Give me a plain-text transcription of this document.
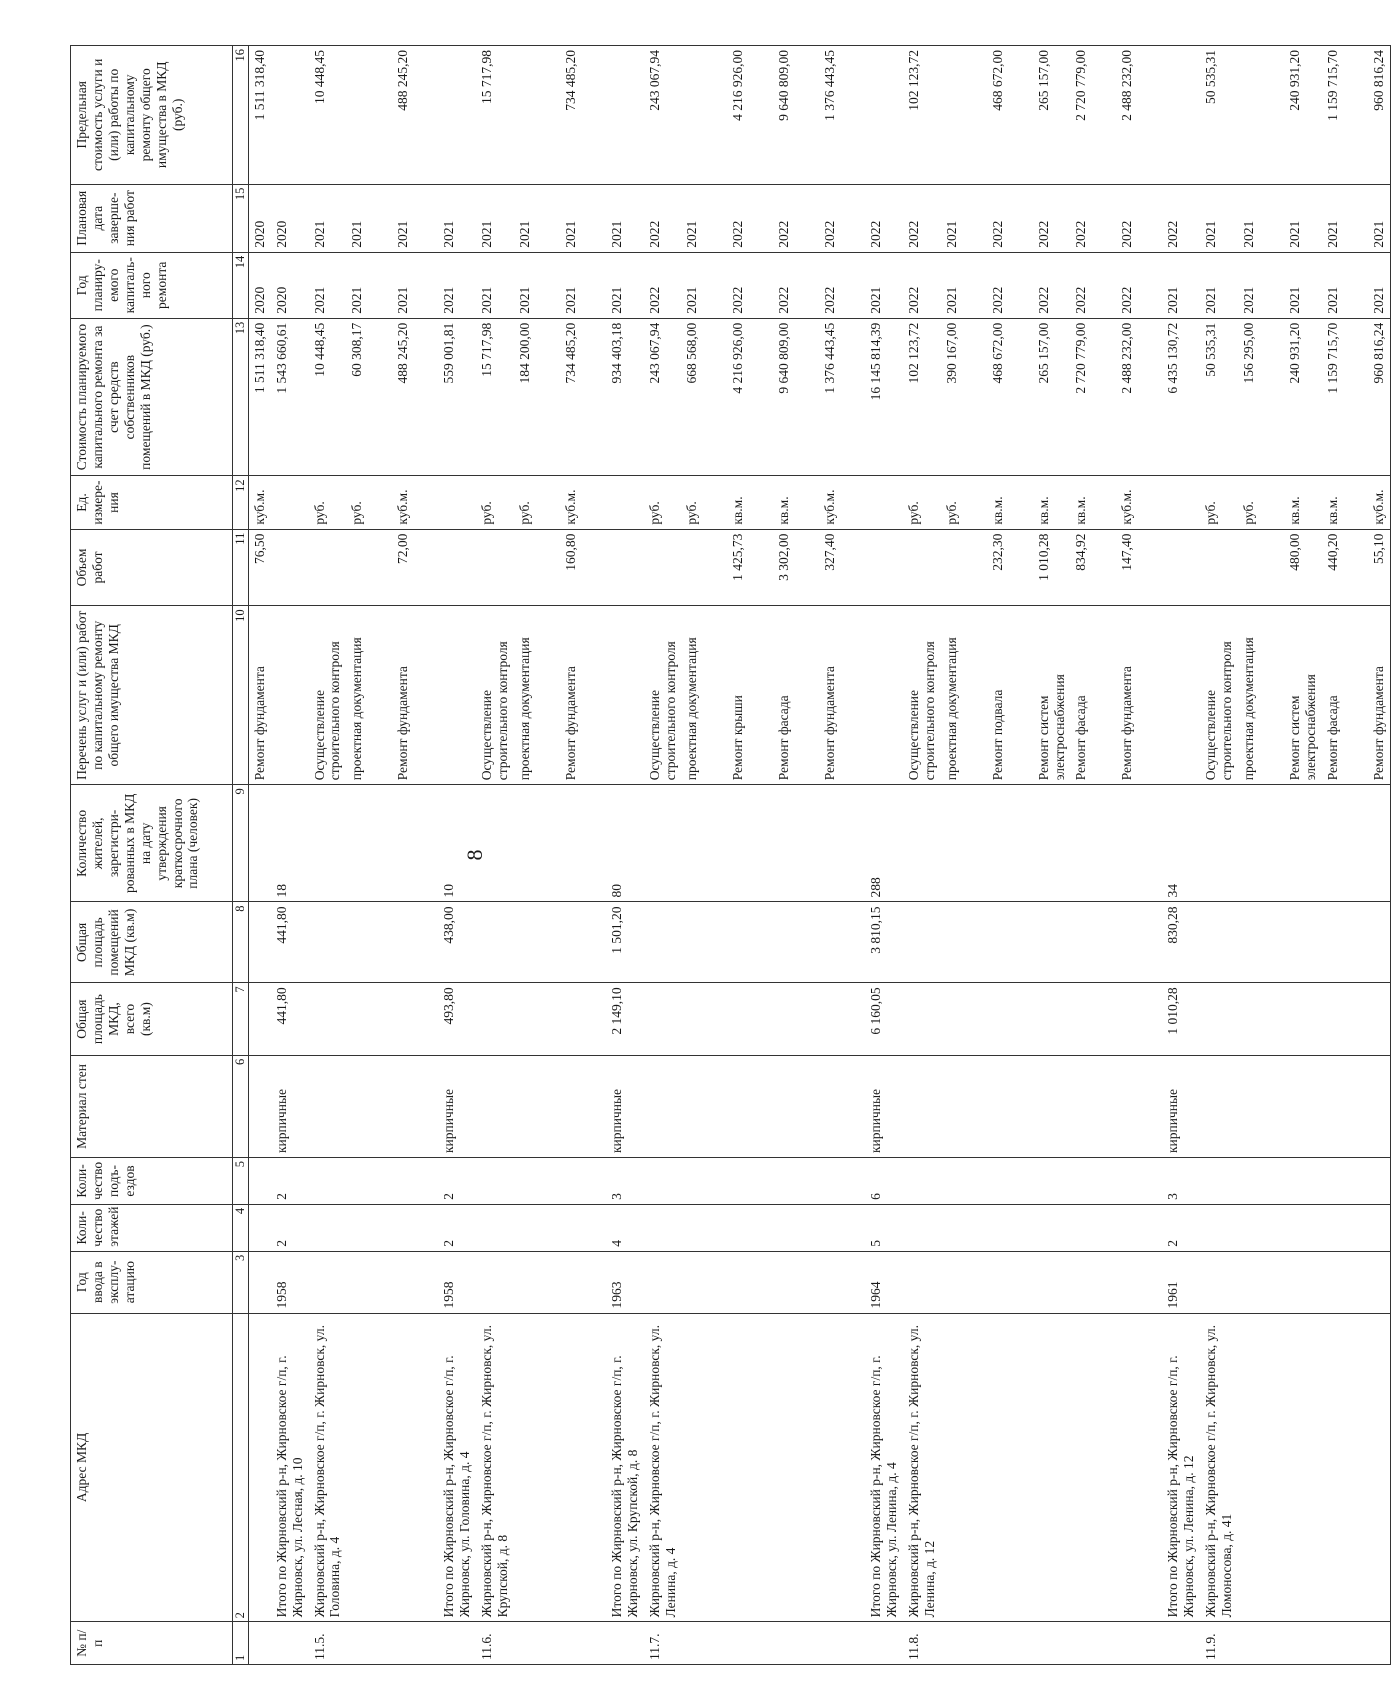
8
№ п/п	Адрес МКД	Год ввода в эксплу-атацию	Коли-чество этажей	Коли-чество подъ-ездов	Материал стен	Общая площадь МКД, всего (кв.м)	Общая площадь помещений МКД (кв.м)	Количество жителей, зарегистри-рованных в МКД на дату утверждения краткосрочного плана (человек)	Перечень услуг и (или) работ по капитальному ремонту общего имущества МКД	Объем работ	Ед. измере-ния	Стоимость планируемого капитального ремонта за счет средств собственников помещений в МКД (руб.)	Год планиру-емого капиталь-ного ремонта	Плановая дата заверше-ния работ	Предельная стоимость услуги и (или) работы по капитальному ремонту общего имущества в МКД (руб.)
1	2	3	4	5	6	7	8	9	10	11	12	13	14	15	16
									Ремонт фундамента	76,50	куб.м.	1 511 318,40	2020	2020	1 511 318,40
	Итого по Жирновский р-н, Жирновское г/п, г. Жирновск, ул. Лесная, д. 10	1958	2	2	кирпичные	441,80	441,80	18				1 543 660,61	2020	2020	
11.5.	Жирновский р-н, Жирновское г/п, г. Жирновск, ул. Головина, д. 4								Осуществление строительного контроля		руб.	10 448,45	2021	2021	10 448,45
									проектная документация		руб.	60 308,17	2021	2021	

									Ремонт фундамента	72,00	куб.м.	488 245,20	2021	2021	488 245,20

	Итого по Жирновский р-н, Жирновское г/п, г. Жирновск, ул. Головина, д. 4	1958	2	2	кирпичные	493,80	438,00	10				559 001,81	2021	2021	
11.6.	Жирновский р-н, Жирновское г/п, г. Жирновск, ул. Крупской, д. 8								Осуществление строительного контроля		руб.	15 717,98	2021	2021	15 717,98
									проектная документация		руб.	184 200,00	2021	2021	

									Ремонт фундамента	160,80	куб.м.	734 485,20	2021	2021	734 485,20

	Итого по Жирновский р-н, Жирновское г/п, г. Жирновск, ул. Крупской, д. 8	1963	4	3	кирпичные	2 149,10	1 501,20	80				934 403,18	2021	2021	
11.7.	Жирновский р-н, Жирновское г/п, г. Жирновск, ул. Ленина, д. 4								Осуществление строительного контроля		руб.	243 067,94	2022	2022	243 067,94
									проектная документация		руб.	668 568,00	2021	2021	

									Ремонт крыши	1 425,73	кв.м.	4 216 926,00	2022	2022	4 216 926,00

									Ремонт фасада	3 302,00	кв.м.	9 640 809,00	2022	2022	9 640 809,00

									Ремонт фундамента	327,40	куб.м.	1 376 443,45	2022	2022	1 376 443,45

	Итого по Жирновский р-н, Жирновское г/п, г. Жирновск, ул. Ленина, д. 4	1964	5	6	кирпичные	6 160,05	3 810,15	288				16 145 814,39	2021	2022	
11.8.	Жирновский р-н, Жирновское г/п, г. Жирновск, ул. Ленина, д. 12								Осуществление строительного контроля		руб.	102 123,72	2022	2022	102 123,72
									проектная документация		руб.	390 167,00	2021	2021	

									Ремонт подвала	232,30	кв.м.	468 672,00	2022	2022	468 672,00

									Ремонт систем электроснабжения	1 010,28	кв.м.	265 157,00	2022	2022	265 157,00
									Ремонт фасада	834,92	кв.м.	2 720 779,00	2022	2022	2 720 779,00

									Ремонт фундамента	147,40	куб.м.	2 488 232,00	2022	2022	2 488 232,00

	Итого по Жирновский р-н, Жирновское г/п, г. Жирновск, ул. Ленина, д. 12	1961	2	3	кирпичные	1 010,28	830,28	34				6 435 130,72	2021	2022	
11.9.	Жирновский р-н, Жирновское г/п, г. Жирновск, ул. Ломоносова, д. 41								Осуществление строительного контроля		руб.	50 535,31	2021	2021	50 535,31
									проектная документация		руб.	156 295,00	2021	2021	

									Ремонт систем электроснабжения	480,00	кв.м.	240 931,20	2021	2021	240 931,20
									Ремонт фасада	440,20	кв.м.	1 159 715,70	2021	2021	1 159 715,70

									Ремонт фундамента	55,10	куб.м.	960 816,24	2021	2021	960 816,24
